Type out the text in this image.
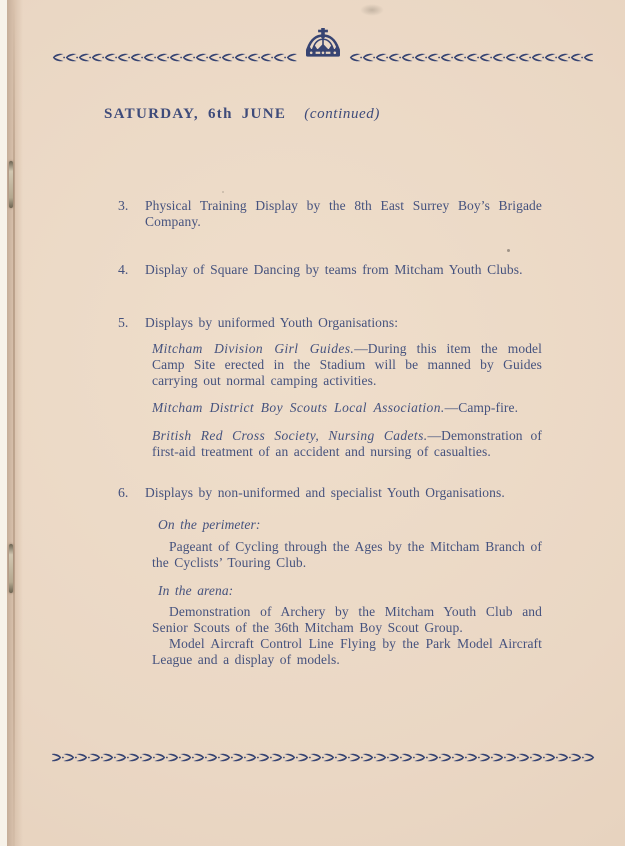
SATURDAY, 6th JUNE (continued)
3.	Physical Training Display by the 8th East Surrey Boy’s Brigade Company.

4.	Display of Square Dancing by teams from Mitcham Youth Clubs.

5.	Displays by uniformed Youth Organisations:

Mitcham Division Girl Guides.—During this item the model Camp Site erected in the Stadium will be manned by Guides carrying out normal camping activities.

Mitcham District Boy Scouts Local Association.—Camp-fire.

British Red Cross Society, Nursing Cadets.—Demonstration of first-aid treatment of an accident and nursing of casualties.

6.	Displays by non-uniformed and specialist Youth Organisations.

On the perimeter:

Pageant of Cycling through the Ages by the Mitcham Branch of the Cyclists’ Touring Club.

In the arena:

Demonstration of Archery by the Mitcham Youth Club and Senior Scouts of the 36th Mitcham Boy Scout Group.

Model Aircraft Control Line Flying by the Park Model Aircraft League and a display of models.
